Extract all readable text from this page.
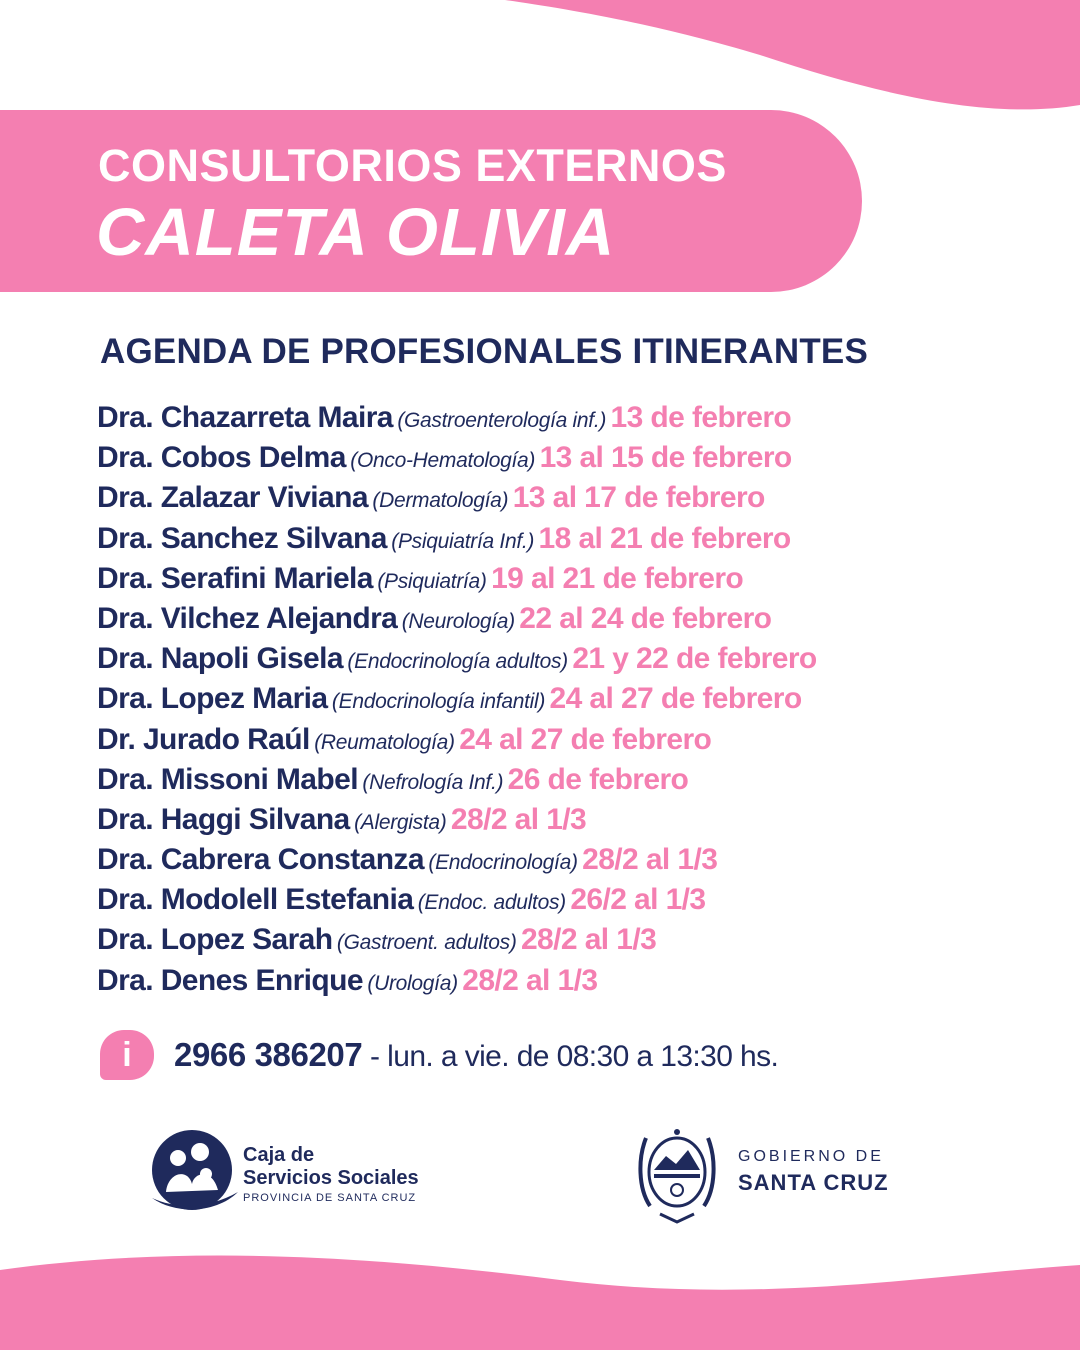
CONSULTORIOS EXTERNOS
CALETA OLIVIA
AGENDA DE PROFESIONALES ITINERANTES
Dra. Chazarreta Maira (Gastroenterología inf.) 13 de febrero
Dra. Cobos Delma (Onco-Hematología) 13 al 15 de febrero
Dra. Zalazar Viviana (Dermatología) 13 al 17 de febrero
Dra. Sanchez Silvana (Psiquiatría Inf.) 18 al 21 de febrero
Dra. Serafini Mariela (Psiquiatría) 19 al 21 de febrero
Dra. Vilchez Alejandra (Neurología) 22 al 24 de febrero
Dra. Napoli Gisela (Endocrinología adultos) 21 y 22 de febrero
Dra. Lopez Maria (Endocrinología infantil) 24 al 27 de febrero
Dr. Jurado Raúl (Reumatología) 24 al 27 de febrero
Dra. Missoni Mabel (Nefrología Inf.) 26 de febrero
Dra. Haggi Silvana (Alergista) 28/2 al 1/3
Dra. Cabrera Constanza (Endocrinología) 28/2 al 1/3
Dra. Modolell Estefania (Endoc. adultos) 26/2 al 1/3
Dra. Lopez Sarah (Gastroent. adultos) 28/2 al 1/3
Dra. Denes Enrique (Urología) 28/2 al 1/3
i	2966 386207 - lun. a vie. de 08:30 a 13:30 hs.
Caja de
Servicios Sociales
PROVINCIA DE SANTA CRUZ
GOBIERNO DE
SANTA CRUZ
